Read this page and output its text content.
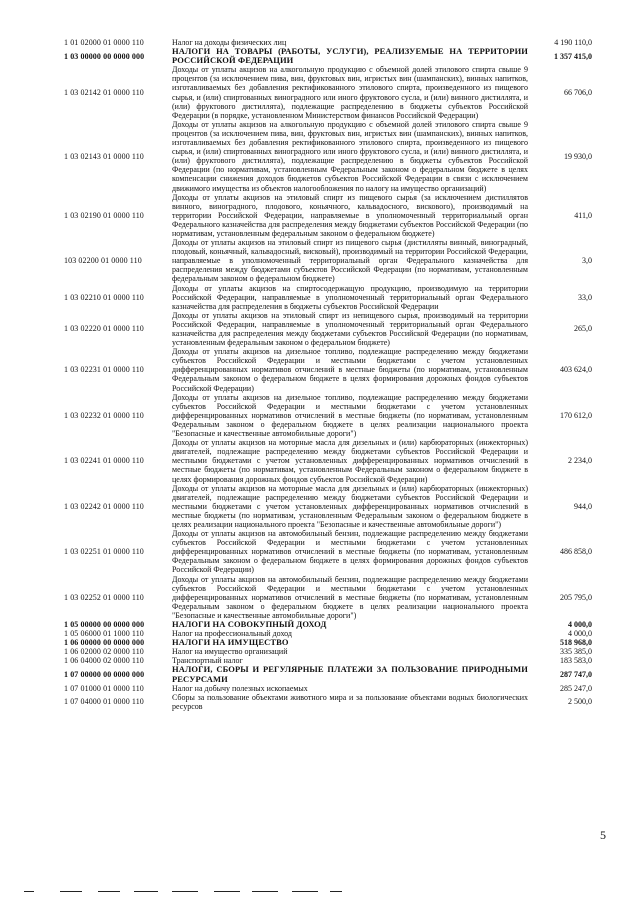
1 01 02000 01 0000 110	Налог на доходы физических лиц	4 190 110,0
1 03 00000 00 0000 000	НАЛОГИ НА ТОВАРЫ (РАБОТЫ, УСЛУГИ), РЕАЛИЗУЕМЫЕ НА ТЕРРИТОРИИ РОССИЙСКОЙ ФЕДЕРАЦИИ	1 357 415,0
1 03 02142 01 0000 110	Доходы от уплаты акцизов на алкогольную продукцию с объемной долей этилового спирта свыше 9 процентов (за исключением пива, вин, фруктовых вин, игристых вин (шампанских), винных напитков, изготавливаемых без добавления ректификованного этилового спирта, произведенного из пищевого сырья, и (или) спиртованных виноградного или иного фруктового сусла, и (или) винного дистиллята, и (или) фруктового дистиллята), подлежащие распределению в бюджеты субъектов Российской Федерации (в порядке, установленном Министерством финансов Российской Федерации)	66 706,0
1 03 02143 01 0000 110	Доходы от уплаты акцизов на алкогольную продукцию с объемной долей этилового спирта свыше 9 процентов (за исключением пива, вин, фруктовых вин, игристых вин (шампанских), винных напитков, изготавливаемых без добавления ректификованного этилового спирта, произведенного из пищевого сырья, и (или) спиртованных виноградного или иного фруктового сусла, и (или) винного дистиллята, и (или) фруктового дистиллята), подлежащие распределению в бюджеты субъектов Российской Федерации (по нормативам, установленным Федеральным законом о федеральном бюджете в целях компенсации снижения доходов бюджетов субъектов Российской Федерации в связи с исключением движимого имущества из объектов налогообложения по налогу на имущество организаций)	19 930,0
1 03 02190 01 0000 110	Доходы от уплаты акцизов на этиловый спирт из пищевого сырья (за исключением дистиллятов винного, виноградного, плодового, коньячного, кальвадосного, вискового), производимый на территории Российской Федерации, направляемые в уполномоченный территориальный орган Федерального казначейства для распределения между бюджетами субъектов Российской Федерации (по нормативам, установленным федеральным законом о федеральном бюджете)	411,0
103 02200 01 0000 110	Доходы от уплаты акцизов на этиловый спирт из пищевого сырья (дистилляты винный, виноградный, плодовый, коньячный, кальвадосный, висковый), производимый на территории Российской Федерации, направляемые в уполномоченный территориальный орган Федерального казначейства для распределения между бюджетами субъектов Российской Федерации (по нормативам, установленным федеральным законом о федеральном бюджете)	3,0
1 03 02210 01 0000 110	Доходы от уплаты акцизов на спиртосодержащую продукцию, производимую на территории Российской Федерации, направляемые в уполномоченный территориальный орган Федерального казначейства для распределения в бюджеты субъектов Российской Федерации	33,0
1 03 02220 01 0000 110	Доходы от уплаты акцизов на этиловый спирт из непищевого сырья, производимый на территории Российской Федерации, направляемые в уполномоченный территориальный орган Федерального казначейства для распределения между бюджетами субъектов Российской Федерации (по нормативам, установленным федеральным законом о федеральном бюджете)	265,0
1 03 02231 01 0000 110	Доходы от уплаты акцизов на дизельное топливо, подлежащие распределению между бюджетами субъектов Российской Федерации и местными бюджетами с учетом установленных дифференцированных нормативов отчислений в местные бюджеты (по нормативам, установленным Федеральным законом о федеральном бюджете в целях формирования дорожных фондов субъектов Российской Федерации)	403 624,0
1 03 02232 01 0000 110	Доходы от уплаты акцизов на дизельное топливо, подлежащие распределению между бюджетами субъектов Российской Федерации и местными бюджетами с учетом установленных дифференцированных нормативов отчислений в местные бюджеты (по нормативам, установленным Федеральным законом о федеральном бюджете в целях реализации национального проекта "Безопасные и качественные автомобильные дороги")	170 612,0
1 03 02241 01 0000 110	Доходы от уплаты акцизов на моторные масла для дизельных и (или) карбюраторных (инжекторных) двигателей, подлежащие распределению между бюджетами субъектов Российской Федерации и местными бюджетами с учетом установленных дифференцированных нормативов отчислений в местные бюджеты (по нормативам, установленным Федеральным законом о федеральном бюджете в целях формирования дорожных фондов субъектов Российской Федерации)	2 234,0
1 03 02242 01 0000 110	Доходы от уплаты акцизов на моторные масла для дизельных и (или) карбюраторных (инжекторных) двигателей, подлежащие распределению между бюджетами субъектов Российской Федерации и местными бюджетами с учетом установленных дифференцированных нормативов отчислений в местные бюджеты (по нормативам, установленным Федеральным законом о федеральном бюджете в целях реализации национального проекта "Безопасные и качественные автомобильные дороги")	944,0
1 03 02251 01 0000 110	Доходы от уплаты акцизов на автомобильный бензин, подлежащие распределению между бюджетами субъектов Российской Федерации и местными бюджетами с учетом установленных дифференцированных нормативов отчислений в местные бюджеты (по нормативам, установленным Федеральным законом о федеральном бюджете в целях формирования дорожных фондов субъектов Российской Федерации)	486 858,0
1 03 02252 01 0000 110	Доходы от уплаты акцизов на автомобильный бензин, подлежащие распределению между бюджетами субъектов Российской Федерации и местными бюджетами с учетом установленных дифференцированных нормативов отчислений в местные бюджеты (по нормативам, установленным Федеральным законом о федеральном бюджете в целях реализации национального проекта "Безопасные и качественные автомобильные дороги")	205 795,0
1 05 00000 00 0000 000	НАЛОГИ НА СОВОКУПНЫЙ ДОХОД	4 000,0
1 05 06000 01 1000 110	Налог на профессиональный доход	4 000,0
1 06 00000 00 0000 000	НАЛОГИ НА ИМУЩЕСТВО	518 968,0
1 06 02000 02 0000 110	Налог на имущество организаций	335 385,0
1 06 04000 02 0000 110	Транспортный налог	183 583,0
1 07 00000 00 0000 000	НАЛОГИ, СБОРЫ И РЕГУЛЯРНЫЕ ПЛАТЕЖИ ЗА ПОЛЬЗОВАНИЕ ПРИРОДНЫМИ РЕСУРСАМИ	287 747,0
1 07 01000 01 0000 110	Налог на добычу полезных ископаемых	285 247,0
1 07 04000 01 0000 110	Сборы за пользование объектами животного мира и за пользование объектами водных биологических ресурсов	2 500,0
5
